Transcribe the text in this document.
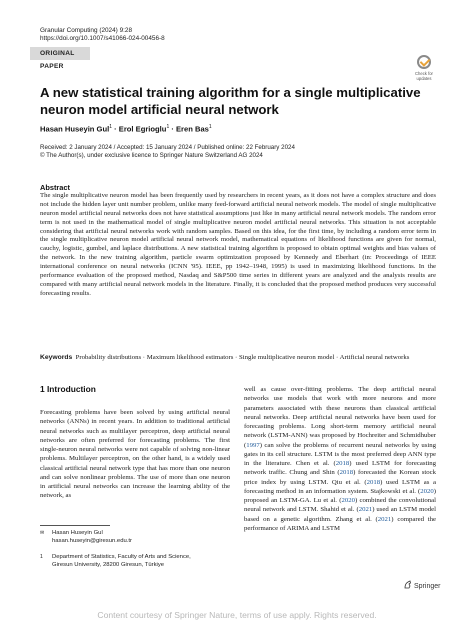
Granular Computing (2024) 9:28
https://doi.org/10.1007/s41066-024-00456-8
ORIGINAL PAPER
Check for
updates
A new statistical training algorithm for a single multiplicative neuron model artificial neural network
Hasan Huseyin Gul$^1$ · Erol Egrioglu$^1$ · Eren Bas$^1$
Received: 2 January 2024 / Accepted: 15 January 2024 / Published online: 22 February 2024
© The Author(s), under exclusive licence to Springer Nature Switzerland AG 2024
Abstract
The single multiplicative neuron model has been frequently used by researchers in recent years, as it does not have a complex structure and does not include the hidden layer unit number problem, unlike many feed-forward artificial neural network models. The model of single multiplicative neuron model artificial neural networks does not have statistical assumptions just like in many artificial neural network models. The random error term is not used in the mathematical model of single multiplicative neuron model artificial neural networks. This situation is not acceptable considering that artificial neural networks work with random samples. Based on this idea, for the first time, by including a random error term in the single multiplicative neuron model artificial neural network model, mathematical equations of likelihood functions are given for normal, cauchy, logistic, gumbel, and laplace distributions. A new statistical training algorithm is proposed to obtain optimal weights and bias values of the network. In the new training algorithm, particle swarm optimization proposed by Kennedy and Eberhart (in: Proceedings of IEEE international conference on neural networks (ICNN '95). IEEE, pp 1942–1948, 1995) is used in maximizing likelihood functions. In the performance evaluation of the proposed method, Nasdaq and S&P500 time series in different years are analyzed and the analysis results are compared with many artificial neural network models in the literature. Finally, it is concluded that the proposed method produces very successful forecasting results.
Keywords Probability distributions · Maximum likelihood estimators · Single multiplicative neuron model · Artificial neural networks
1 Introduction
Forecasting problems have been solved by using artificial neural networks (ANNs) in recent years. In addition to traditional artificial neural networks such as multilayer perceptron, deep artificial neural networks are often preferred for forecasting problems. The first single-neuron neural networks were not capable of solving non-linear problems. Multilayer perceptron, on the other hand, is a widely used classical artificial neural network type that has more than one neuron and can solve nonlinear problems. The use of more than one neuron in artificial neural networks can increase the learning ability of the network, as
well as cause over-fitting problems. The deep artificial neural networks use models that work with more neurons and more parameters associated with these neurons than classical artificial neural networks. Deep artificial neural networks have been used for forecasting problems. Long short-term memory artificial neural network (LSTM-ANN) was proposed by Hochreiter and Schmidhuber (1997) can solve the problems of recurrent neural networks by using gates in its cell structure. LSTM is the most preferred deep ANN type in the literature. Chen et al. (2018) used LSTM for forecasting network traffic. Chung and Shin (2018) forecasted the Korean stock price index by using LSTM. Qiu et al. (2018) used LSTM as a forecasting method in an information system. Stajkowski et al. (2020) proposed an LSTM-GA. Lu et al. (2020) combined the convolutional neural network and LSTM. Shahid et al. (2021) used an LSTM model based on a genetic algorithm. Zhang et al. (2021) compared the performance of ARIMA and LSTM
✉ Hasan Huseyin Gul
hasan.huseyin@giresun.edu.tr
1 Department of Statistics, Faculty of Arts and Science,
Giresun University, 28200 Giresun, Türkiye
Springer
Content courtesy of Springer Nature, terms of use apply. Rights reserved.
